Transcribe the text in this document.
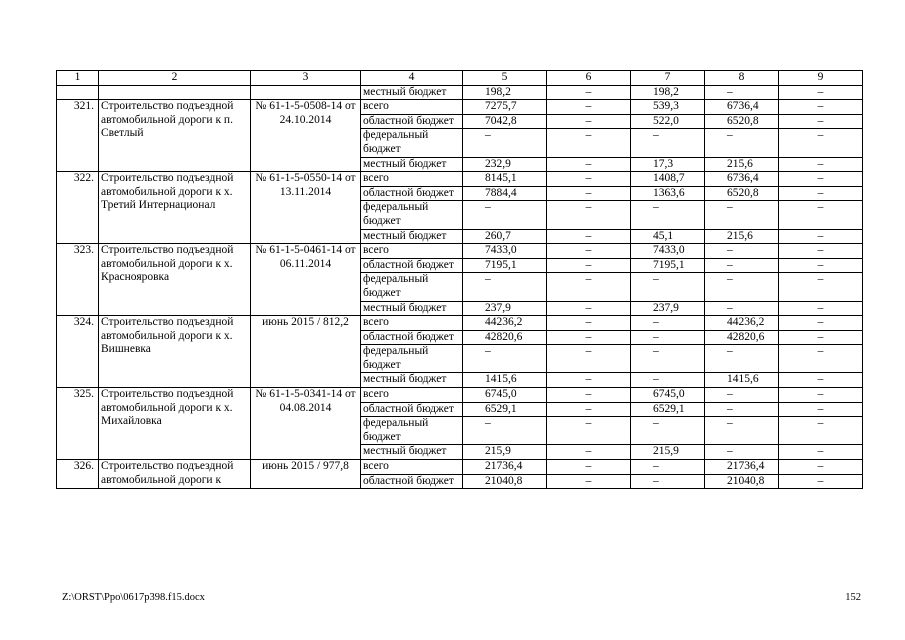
1	2	3	4	5	6	7	8	9
			местный бюджет	198,2	–	198,2	–	–
321.	Строительство подъездной автомобильной дороги к п. Светлый	№ 61-1-5-0508-14 от 24.10.2014	всего	7275,7	–	539,3	6736,4	–
			областной бюджет	7042,8	–	522,0	6520,8	–
			федеральный бюджет	–	–	–	–	–
			местный бюджет	232,9	–	17,3	215,6	–
322.	Строительство подъездной автомобильной дороги к х. Третий Интернационал	№ 61-1-5-0550-14 от 13.11.2014	всего	8145,1	–	1408,7	6736,4	–
			областной бюджет	7884,4	–	1363,6	6520,8	–
			федеральный бюджет	–	–	–	–	–
			местный бюджет	260,7	–	45,1	215,6	–
323.	Строительство подъездной автомобильной дороги к х. Краснояровка	№ 61-1-5-0461-14 от 06.11.2014	всего	7433,0	–	7433,0	–	–
			областной бюджет	7195,1	–	7195,1	–	–
			федеральный бюджет	–	–	–	–	–
			местный бюджет	237,9	–	237,9	–	–
324.	Строительство подъездной автомобильной дороги к х. Вишневка	июнь 2015 / 812,2	всего	44236,2	–	–	44236,2	–
			областной бюджет	42820,6	–	–	42820,6	–
			федеральный бюджет	–	–	–	–	–
			местный бюджет	1415,6	–	–	1415,6	–
325.	Строительство подъездной автомобильной дороги к х. Михайловка	№ 61-1-5-0341-14 от 04.08.2014	всего	6745,0	–	6745,0	–	–
			областной бюджет	6529,1	–	6529,1	–	–
			федеральный бюджет	–	–	–	–	–
			местный бюджет	215,9	–	215,9	–	–
326.	Строительство подъездной автомобильной дороги к	июнь 2015 / 977,8	всего	21736,4	–	–	21736,4	–
			областной бюджет	21040,8	–	–	21040,8	–
Z:\ORST\Ppo\0617p398.f15.docx	152
